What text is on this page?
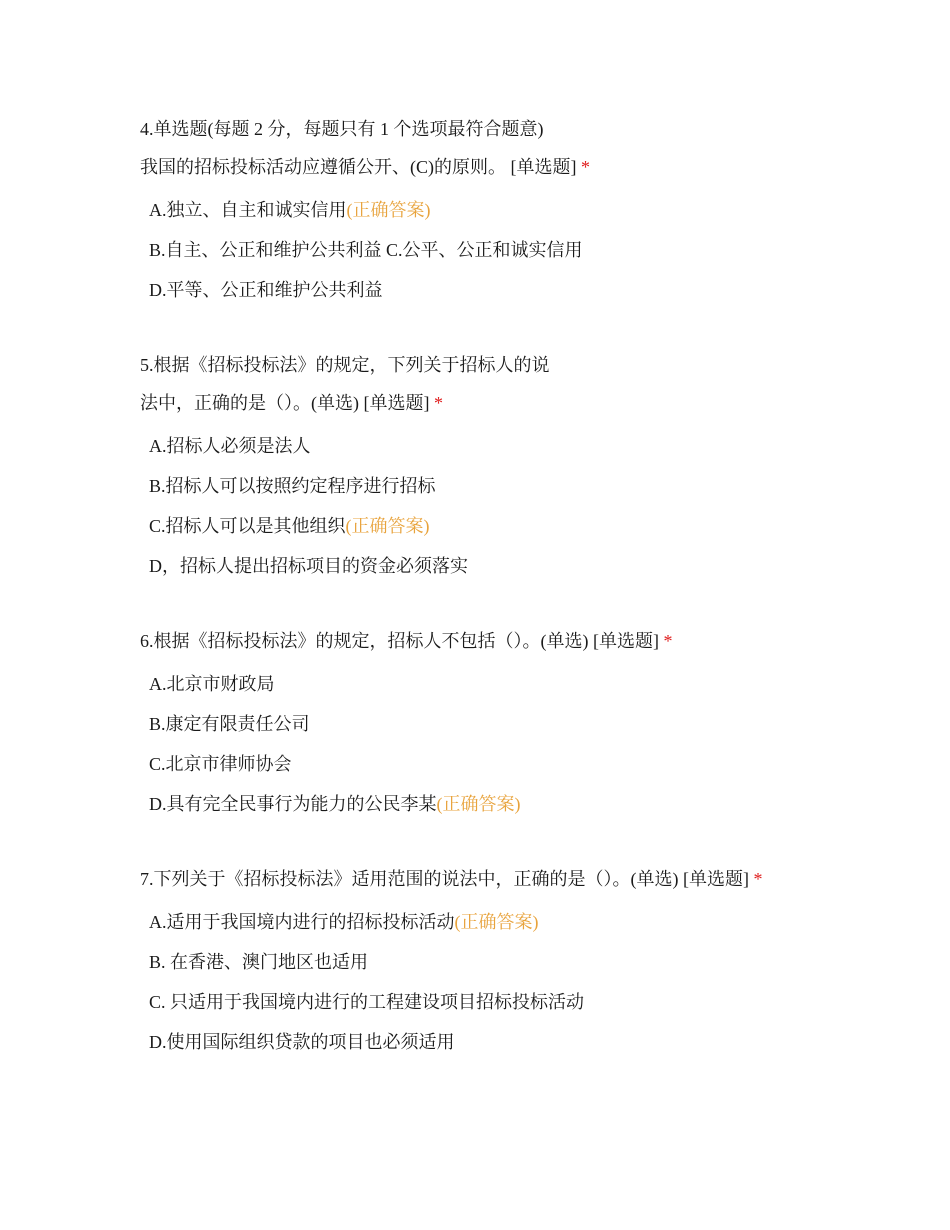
4.单选题(每题 2 分，每题只有 1 个选项最符合题意)
我国的招标投标活动应遵循公开、(C)的原则。 [单选题] *
A.独立、自主和诚实信用(正确答案)
B.自主、公正和维护公共利益 C.公平、公正和诚实信用
D.平等、公正和维护公共利益
5.根据《招标投标法》的规定，下列关于招标人的说
法中，正确的是（）。(单选) [单选题] *
A.招标人必须是法人
B.招标人可以按照约定程序进行招标
C.招标人可以是其他组织(正确答案)
D，招标人提出招标项目的资金必须落实
6.根据《招标投标法》的规定，招标人不包括（）。(单选) [单选题] *
A.北京市财政局
B.康定有限责任公司
C.北京市律师协会
D.具有完全民事行为能力的公民李某(正确答案)
7.下列关于《招标投标法》适用范围的说法中，正确的是（）。(单选) [单选题] *
A.适用于我国境内进行的招标投标活动(正确答案)
B. 在香港、澳门地区也适用
C. 只适用于我国境内进行的工程建设项目招标投标活动
D.使用国际组织贷款的项目也必须适用
